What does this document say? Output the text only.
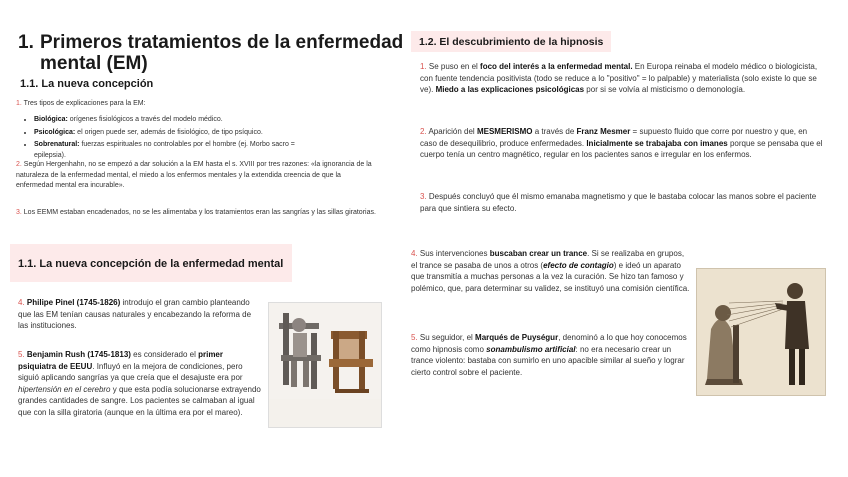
1. Primeros tratamientos de la enfermedad
mental (EM)
1.1. La nueva concepción
1. Tres tipos de explicaciones para la EM:
• Biológica: orígenes fisiológicos a través del modelo médico.
• Psicológica: el origen puede ser, además de fisiológico, de tipo psíquico.
• Sobrenatural: fuerzas espirituales no controlables por el hombre (ej. Morbo sacro = epilepsia).
2. Según Hergenhahn, no se empezó a dar solución a la EM hasta el s. XVIII por tres razones: «la ignorancia de la naturaleza de la enfermedad mental, el miedo a los enfermos mentales y la extendida creencia de que la enfermedad mental era incurable».
3. Los EEMM estaban encadenados, no se les alimentaba y los tratamientos eran las sangrías y las sillas giratorias.
1.1. La nueva concepción de la enfermedad mental
4. Philipe Pinel (1745-1826) introdujo el gran cambio planteando que las EM tenían causas naturales y encabezando la reforma de las instituciones.
5. Benjamin Rush (1745-1813) es considerado el primer psiquiatra de EEUU. Influyó en la mejora de condiciones, pero siguió aplicando sangrías ya que creía que el desajuste era por hipertensión en el cerebro y que esta podía solucionarse extrayendo grandes cantidades de sangre. Los pacientes se calmaban al igual que con la silla giratoria (aunque en la última era por el mareo).
1.2. El descubrimiento de la hipnosis
1. Se puso en el foco del interés a la enfermedad mental. En Europa reinaba el modelo médico o biologicista, con fuente tendencia positivista (todo se reduce a lo "positivo" = lo palpable) y materialista (solo existe lo que se ve). Miedo a las explicaciones psicológicas por si se volvía al misticismo o demonología.
2. Aparición del MESMERISMO a través de Franz Mesmer = supuesto fluido que corre por nuestro y que, en caso de desequilibrio, produce enfermedades. Inicialmente se trabajaba con imanes porque se pensaba que el cuerpo tenía un centro magnético, regular en los pacientes sanos e irregular en los enfermos.
3. Después concluyó que él mismo emanaba magnetismo y que le bastaba colocar las manos sobre el paciente para que sintiera su efecto.
4. Sus intervenciones buscaban crear un trance. Si se realizaba en grupos, el trance se pasaba de unos a otros (efecto de contagio) e ideó un aparato que transmitía a muchas personas a la vez la curación. Se hizo tan famoso y polémico, que, para determinar su validez, se instituyó una comisión científica.
5. Su seguidor, el Marqués de Puységur, denominó a lo que hoy conocemos como hipnosis como sonambulismo artificial: no era necesario crear un trance violento: bastaba con sumirlo en uno apacible similar al sueño y lograr cierto control sobre el paciente.
